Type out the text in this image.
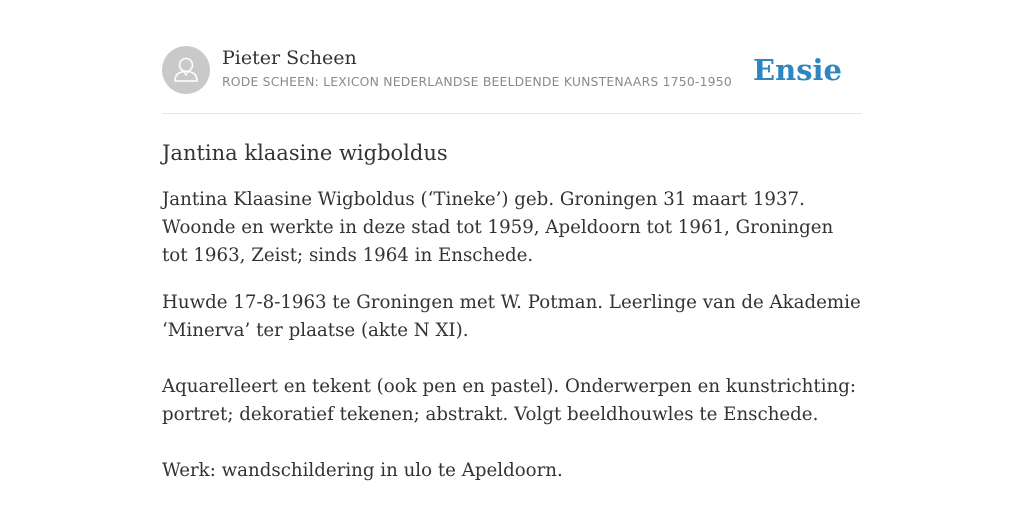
Pieter Scheen
RODE SCHEEN: LEXICON NEDERLANDSE BEELDENDE KUNSTENAARS 1750-1950 Ensie
Jantina klaasine wigboldus

Jantina Klaasine Wigboldus (‘Tineke’) geb. Groningen 31 maart 1937. Woonde en werkte in deze stad tot 1959, Apeldoorn tot 1961, Groningen tot 1963, Zeist; sinds 1964 in Enschede.

Huwde 17-8-1963 te Groningen met W. Potman. Leerlinge van de Akademie ‘Minerva’ ter plaatse (akte N XI).

Aquarelleert en tekent (ook pen en pastel). Onderwerpen en kunstrichting: portret; dekoratief tekenen; abstrakt. Volgt beeldhouwles te Enschede.

Werk: wandschildering in ulo te Apeldoorn.
